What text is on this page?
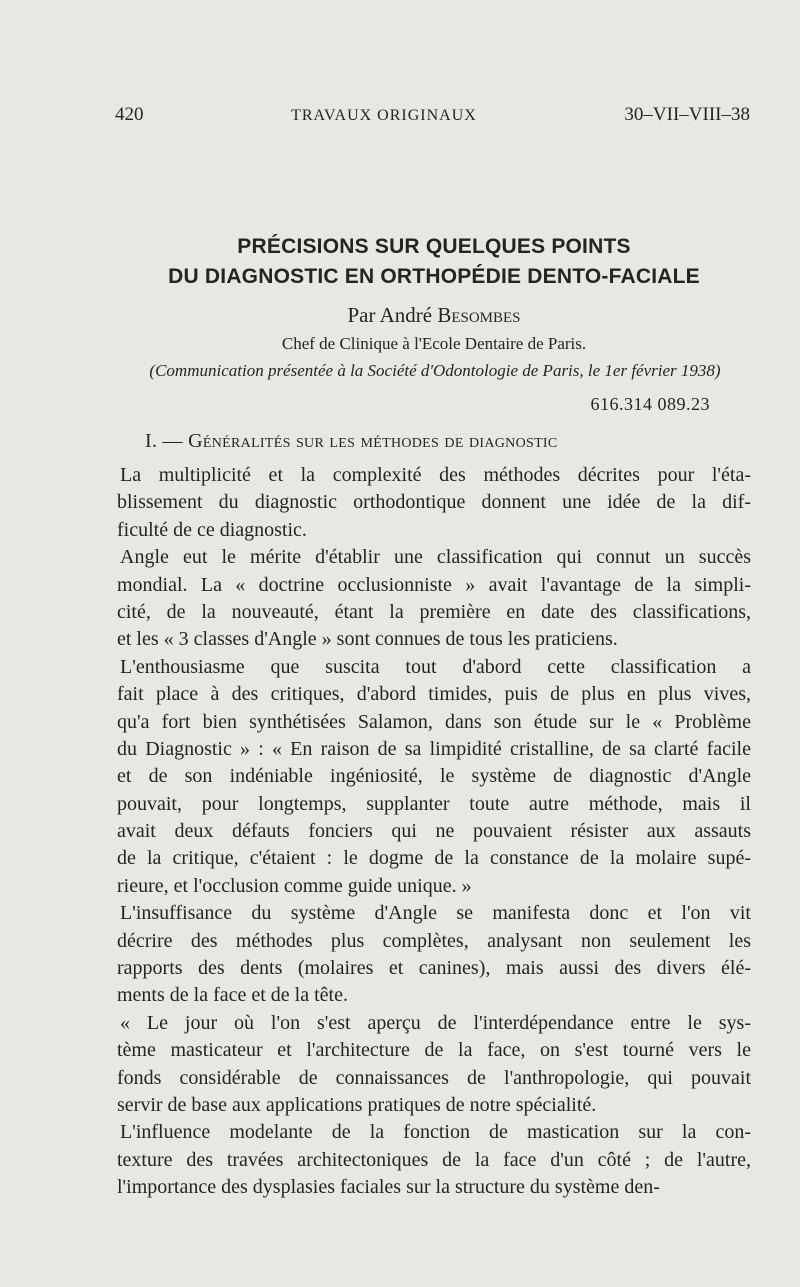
420	TRAVAUX ORIGINAUX	30–VII–VIII–38
PRÉCISIONS SUR QUELQUES POINTS
DU DIAGNOSTIC EN ORTHOPÉDIE DENTO-FACIALE
Par André Besombes
Chef de Clinique à l'Ecole Dentaire de Paris.
(Communication présentée à la Société d'Odontologie de Paris, le 1er février 1938)
616.314 089.23
I. — Généralités sur les méthodes de diagnostic
La multiplicité et la complexité des méthodes décrites pour l'éta-
blissement du diagnostic orthodontique donnent une idée de la dif-
ficulté de ce diagnostic.
Angle eut le mérite d'établir une classification qui connut un succès
mondial. La « doctrine occlusionniste » avait l'avantage de la simpli-
cité, de la nouveauté, étant la première en date des classifications,
et les « 3 classes d'Angle » sont connues de tous les praticiens.
L'enthousiasme que suscita tout d'abord cette classification a
fait place à des critiques, d'abord timides, puis de plus en plus vives,
qu'a fort bien synthétisées Salamon, dans son étude sur le « Problème
du Diagnostic » : « En raison de sa limpidité cristalline, de sa clarté facile
et de son indéniable ingéniosité, le système de diagnostic d'Angle
pouvait, pour longtemps, supplanter toute autre méthode, mais il
avait deux défauts fonciers qui ne pouvaient résister aux assauts
de la critique, c'étaient : le dogme de la constance de la molaire supé-
rieure, et l'occlusion comme guide unique. »
L'insuffisance du système d'Angle se manifesta donc et l'on vit
décrire des méthodes plus complètes, analysant non seulement les
rapports des dents (molaires et canines), mais aussi des divers élé-
ments de la face et de la tête.
« Le jour où l'on s'est aperçu de l'interdépendance entre le sys-
tème masticateur et l'architecture de la face, on s'est tourné vers le
fonds considérable de connaissances de l'anthropologie, qui pouvait
servir de base aux applications pratiques de notre spécialité.
L'influence modelante de la fonction de mastication sur la con-
texture des travées architectoniques de la face d'un côté ; de l'autre,
l'importance des dysplasies faciales sur la structure du système den-
